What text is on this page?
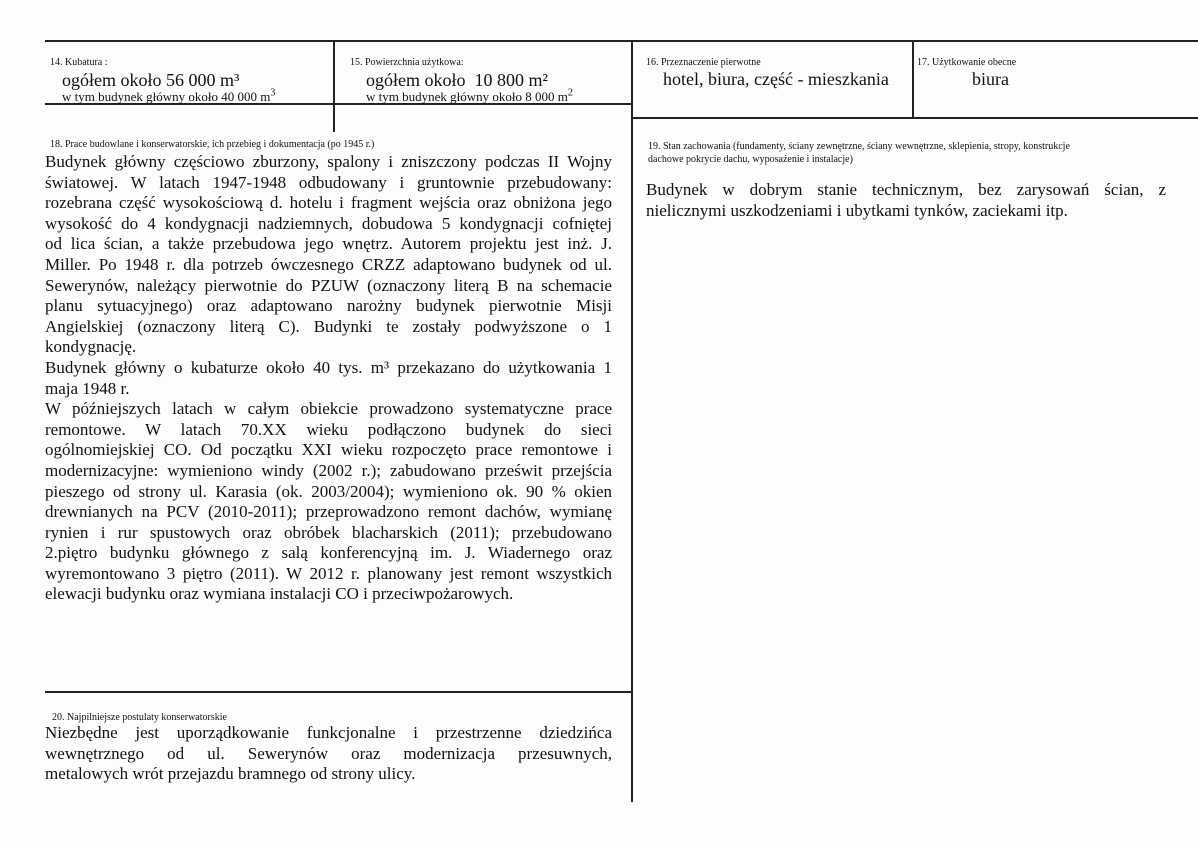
14. Kubatura :
ogółem około 56 000 m³
w tym budynek główny około 40 000 $m^3$
15. Powierzchnia użytkowa:
ogółem około  10 800 m²
w tym budynek główny około 8 000 $m^2$
16. Przeznaczenie pierwotne
hotel, biura, część - mieszkania
17. Użytkowanie obecne
biura
18. Prace budowlane i konserwatorskie, ich przebieg i dokumentacja (po 1945 r.)
Budynek główny częściowo zburzony, spalony i zniszczony podczas II Wojny
światowej. W latach 1947-1948 odbudowany i gruntownie przebudowany:
rozebrana część wysokościową d. hotelu i fragment wejścia oraz obniżona jego
wysokość do 4 kondygnacji nadziemnych, dobudowa 5 kondygnacji cofniętej
od lica ścian, a także przebudowa jego wnętrz. Autorem projektu jest inż. J.
Miller. Po 1948 r. dla potrzeb ówczesnego CRZZ adaptowano budynek od ul.
Sewerynów, należący pierwotnie do PZUW (oznaczony literą B na schemacie
planu sytuacyjnego) oraz adaptowano narożny budynek pierwotnie Misji
Angielskiej (oznaczony literą C). Budynki te zostały podwyższone o 1
kondygnację.
Budynek główny o kubaturze około 40 tys. m³ przekazano do użytkowania 1
maja 1948 r.
W późniejszych latach w całym obiekcie prowadzono systematyczne prace
remontowe. W latach 70.XX wieku podłączono budynek do sieci
ogólnomiejskiej CO. Od początku XXI wieku rozpoczęto prace remontowe i
modernizacyjne: wymieniono windy (2002 r.); zabudowano prześwit przejścia
pieszego od strony ul. Karasia (ok. 2003/2004); wymieniono ok. 90 % okien
drewnianych na PCV (2010-2011); przeprowadzono remont dachów, wymianę
rynien i rur spustowych oraz obróbek blacharskich (2011); przebudowano
2.piętro budynku głównego z salą konferencyjną im. J. Wiadernego oraz
wyremontowano 3 piętro (2011). W 2012 r. planowany jest remont wszystkich
elewacji budynku oraz wymiana instalacji CO i przeciwpożarowych.
19. Stan zachowania (fundamenty, ściany zewnętrzne, ściany wewnętrzne, sklepienia, stropy, konstrukcje
dachowe pokrycie dachu, wyposażenie i instalacje)
Budynek w dobrym stanie technicznym, bez zarysowań ścian, z
nielicznymi uszkodzeniami i ubytkami tynków, zaciekami itp.
20. Najpilniejsze postulaty konserwatorskie
Niezbędne jest uporządkowanie funkcjonalne i przestrzenne dziedzińca
wewnętrznego od ul. Sewerynów oraz modernizacja przesuwnych,
metalowych wrót przejazdu bramnego od strony ulicy.
